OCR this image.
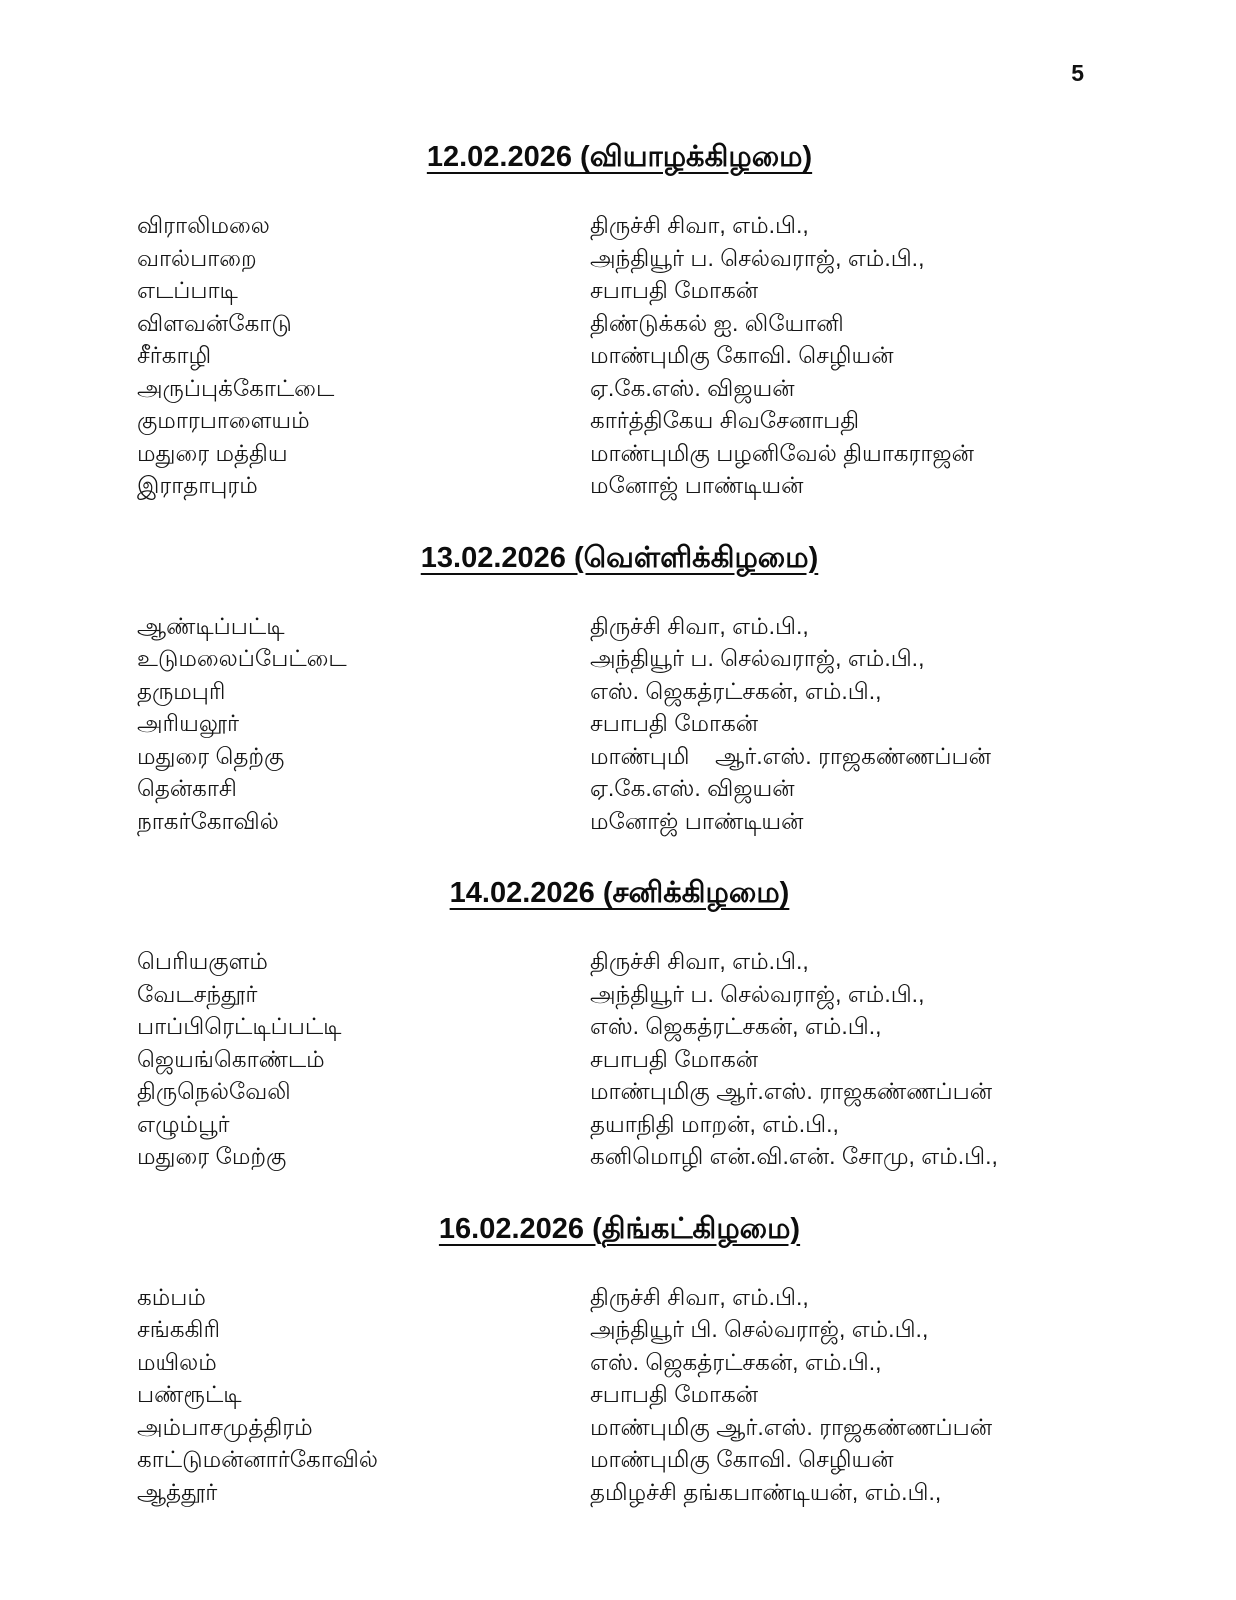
5
12.02.2026 (வியாழக்கிழமை)
விராலிமலை	திருச்சி சிவா, எம்.பி.,
வால்பாறை	அந்தியூர் ப. செல்வராஜ், எம்.பி.,
எடப்பாடி	சபாபதி மோகன்
விளவன்கோடு	திண்டுக்கல் ஐ. லியோனி
சீர்காழி	மாண்புமிகு கோவி. செழியன்
அருப்புக்கோட்டை	ஏ.கே.எஸ். விஜயன்
குமாரபாளையம்	கார்த்திகேய சிவசேனாபதி
மதுரை மத்திய	மாண்புமிகு பழனிவேல் தியாகராஜன்
இராதாபுரம்	மனோஜ் பாண்டியன்
13.02.2026 (வெள்ளிக்கிழமை)
ஆண்டிப்பட்டி	திருச்சி சிவா, எம்.பி.,
உடுமலைப்பேட்டை	அந்தியூர் ப. செல்வராஜ், எம்.பி.,
தருமபுரி	எஸ். ஜெகத்ரட்சகன், எம்.பி.,
அரியலூர்	சபாபதி மோகன்
மதுரை தெற்கு	மாண்புமி    ஆர்.எஸ். ராஜகண்ணப்பன்
தென்காசி	ஏ.கே.எஸ். விஜயன்
நாகர்கோவில்	மனோஜ் பாண்டியன்
14.02.2026 (சனிக்கிழமை)
பெரியகுளம்	திருச்சி சிவா, எம்.பி.,
வேடசந்தூர்	அந்தியூர் ப. செல்வராஜ், எம்.பி.,
பாப்பிரெட்டிப்பட்டி	எஸ். ஜெகத்ரட்சகன், எம்.பி.,
ஜெயங்கொண்டம்	சபாபதி மோகன்
திருநெல்வேலி	மாண்புமிகு ஆர்.எஸ். ராஜகண்ணப்பன்
எழும்பூர்	தயாநிதி மாறன், எம்.பி.,
மதுரை மேற்கு	கனிமொழி என்.வி.என். சோமு, எம்.பி.,
16.02.2026 (திங்கட்கிழமை)
கம்பம்	திருச்சி சிவா, எம்.பி.,
சங்ககிரி	அந்தியூர் பி. செல்வராஜ், எம்.பி.,
மயிலம்	எஸ். ஜெகத்ரட்சகன், எம்.பி.,
பண்ரூட்டி	சபாபதி மோகன்
அம்பாசமுத்திரம்	மாண்புமிகு ஆர்.எஸ். ராஜகண்ணப்பன்
காட்டுமன்னார்கோவில்	மாண்புமிகு கோவி. செழியன்
ஆத்தூர்	தமிழச்சி தங்கபாண்டியன், எம்.பி.,
